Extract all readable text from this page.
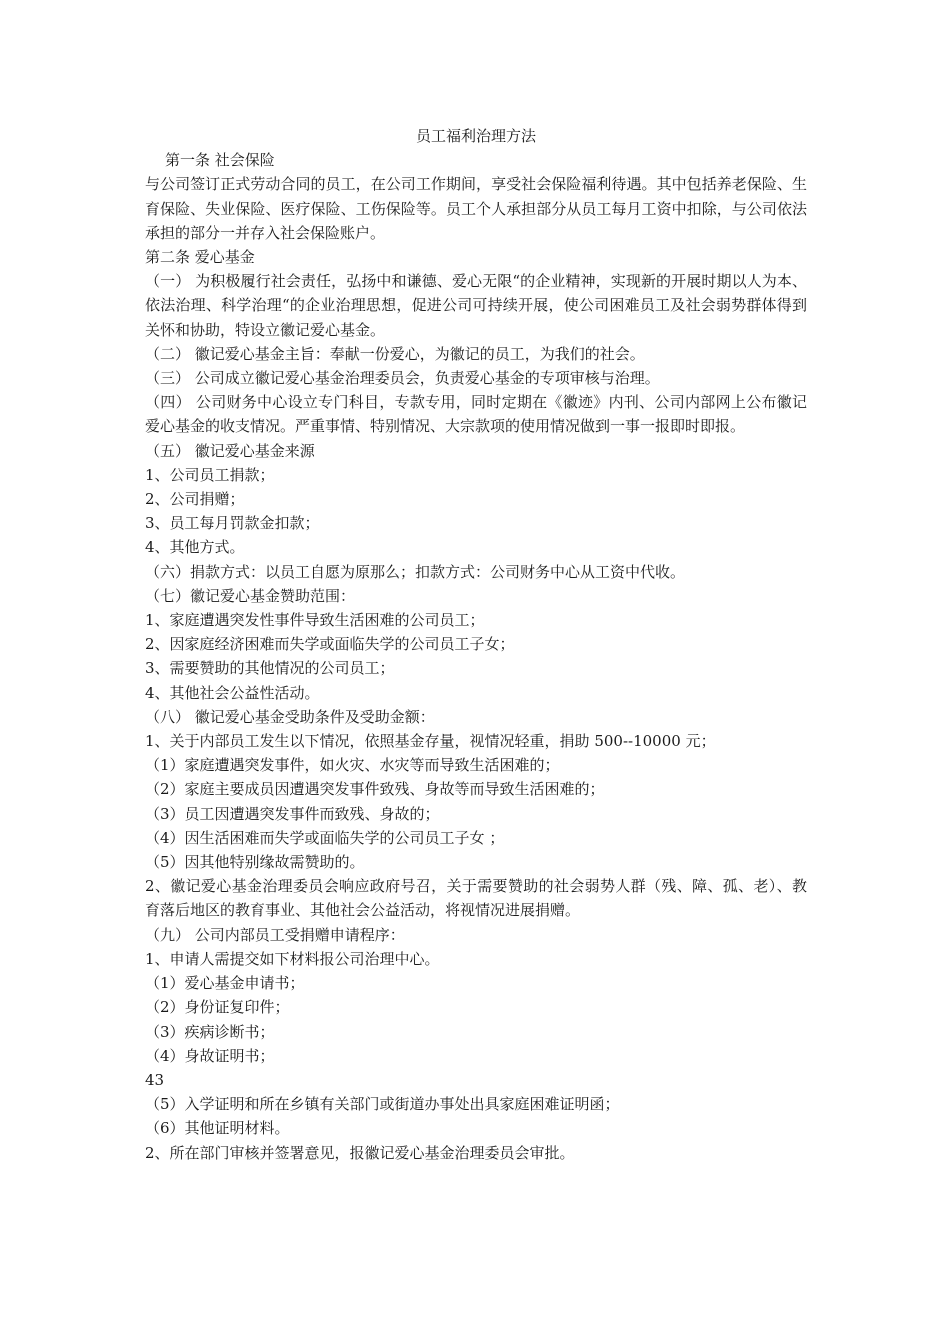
员工福利治理方法

第一条 社会保险

与公司签订正式劳动合同的员工，在公司工作期间，享受社会保险福利待遇。其中包括养老保险、生育保险、失业保险、医疗保险、工伤保险等。员工个人承担部分从员工每月工资中扣除，与公司依法承担的部分一并存入社会保险账户。

第二条 爱心基金

（一） 为积极履行社会责任，弘扬中和谦德、爱心无限“的企业精神，实现新的开展时期以人为本、依法治理、科学治理“的企业治理思想，促进公司可持续开展，使公司困难员工及社会弱势群体得到关怀和协助，特设立徽记爱心基金。

（二） 徽记爱心基金主旨：奉献一份爱心，为徽记的员工，为我们的社会。

（三） 公司成立徽记爱心基金治理委员会，负责爱心基金的专项审核与治理。

（四） 公司财务中心设立专门科目，专款专用，同时定期在《徽迹》内刊、公司内部网上公布徽记爱心基金的收支情况。严重事情、特别情况、大宗款项的使用情况做到一事一报即时即报。

（五） 徽记爱心基金来源

1、公司员工捐款；

2、公司捐赠；

3、员工每月罚款金扣款；

4、其他方式。

（六）捐款方式：以员工自愿为原那么；扣款方式：公司财务中心从工资中代收。

（七）徽记爱心基金赞助范围：

1、家庭遭遇突发性事件导致生活困难的公司员工；

2、因家庭经济困难而失学或面临失学的公司员工子女；

3、需要赞助的其他情况的公司员工；

4、其他社会公益性活动。

（八） 徽记爱心基金受助条件及受助金额：

1、关于内部员工发生以下情况，依照基金存量，视情况轻重，捐助 500--10000 元；

（1）家庭遭遇突发事件，如火灾、水灾等而导致生活困难的；

（2）家庭主要成员因遭遇突发事件致残、身故等而导致生活困难的；

（3）员工因遭遇突发事件而致残、身故的；

（4）因生活困难而失学或面临失学的公司员工子女 ；

（5）因其他特别缘故需赞助的。

2、徽记爱心基金治理委员会响应政府号召，关于需要赞助的社会弱势人群（残、障、孤、老）、教育落后地区的教育事业、其他社会公益活动，将视情况进展捐赠。

（九） 公司内部员工受捐赠申请程序：

1、申请人需提交如下材料报公司治理中心。

（1）爱心基金申请书；

（2）身份证复印件；

（3）疾病诊断书；

（4）身故证明书；

43

（5）入学证明和所在乡镇有关部门或街道办事处出具家庭困难证明函；

（6）其他证明材料。

2、所在部门审核并签署意见，报徽记爱心基金治理委员会审批。
